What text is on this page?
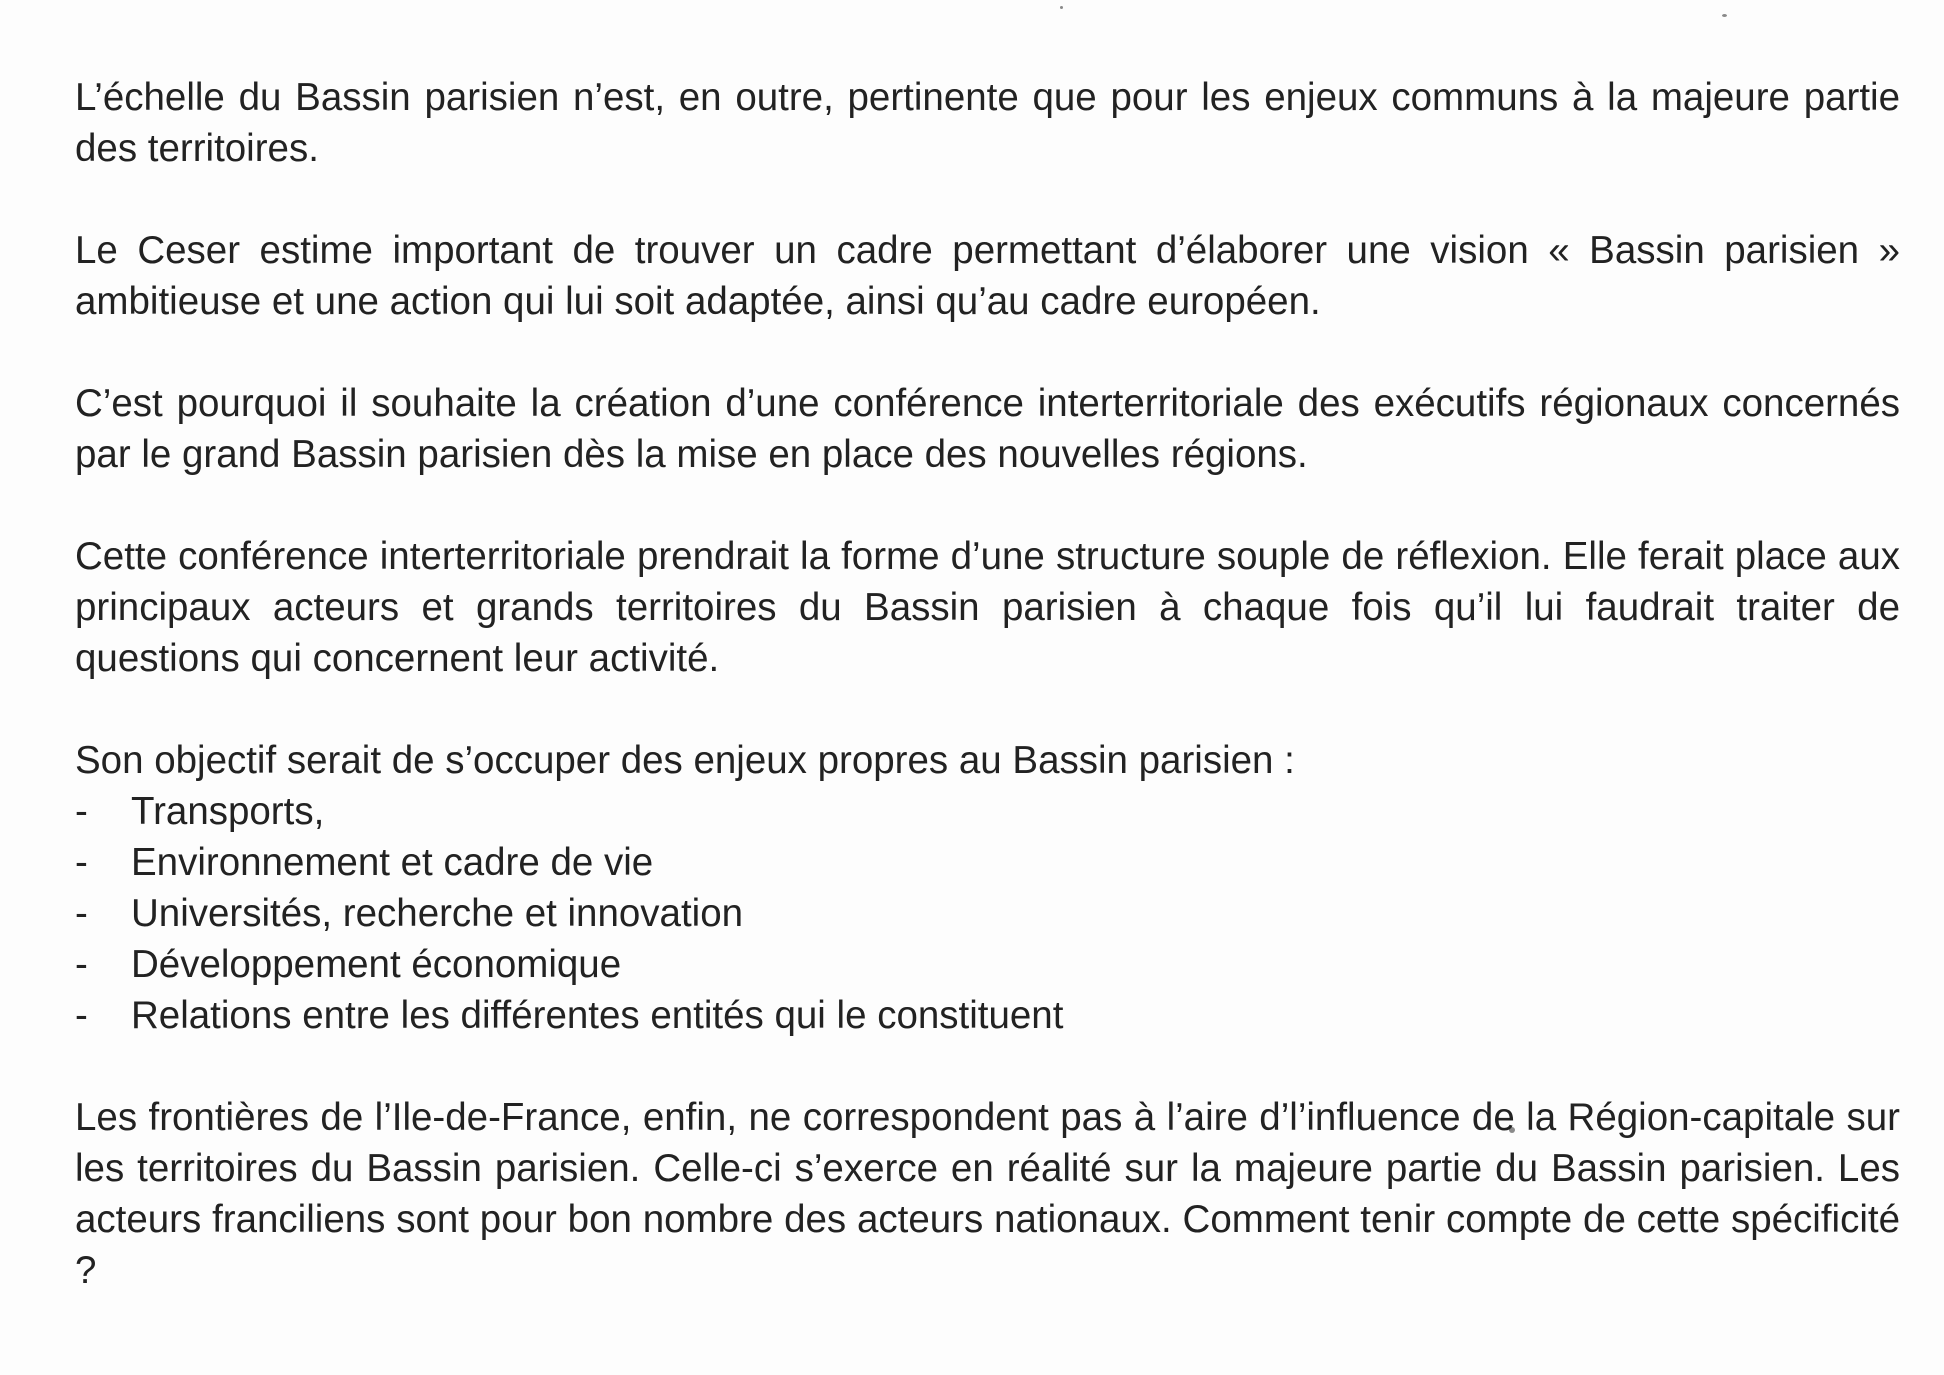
L’échelle du Bassin parisien n’est, en outre, pertinente que pour les enjeux communs à la majeure partie des territoires.

Le Ceser estime important de trouver un cadre permettant d’élaborer une vision « Bassin parisien » ambitieuse et une action qui lui soit adaptée, ainsi qu’au cadre européen.

C’est pourquoi il souhaite la création d’une conférence interterritoriale des exécutifs régionaux concernés par le grand Bassin parisien dès la mise en place des nouvelles régions.

Cette conférence interterritoriale prendrait la forme d’une structure souple de réflexion. Elle ferait place aux principaux acteurs et grands territoires du Bassin parisien à chaque fois qu’il lui faudrait traiter de questions qui concernent leur activité.

Son objectif serait de s’occuper des enjeux propres au Bassin parisien :

-	Transports,
-	Environnement et cadre de vie
-	Universités, recherche et innovation
-	Développement économique
-	Relations entre les différentes entités qui le constituent

Les frontières de l’Ile-de-France, enfin, ne correspondent pas à l’aire d’l’influence de la Région-capitale sur les territoires du Bassin parisien. Celle-ci s’exerce en réalité sur la majeure partie du Bassin parisien. Les acteurs franciliens sont pour bon nombre des acteurs nationaux. Comment tenir compte de cette spécificité ?
